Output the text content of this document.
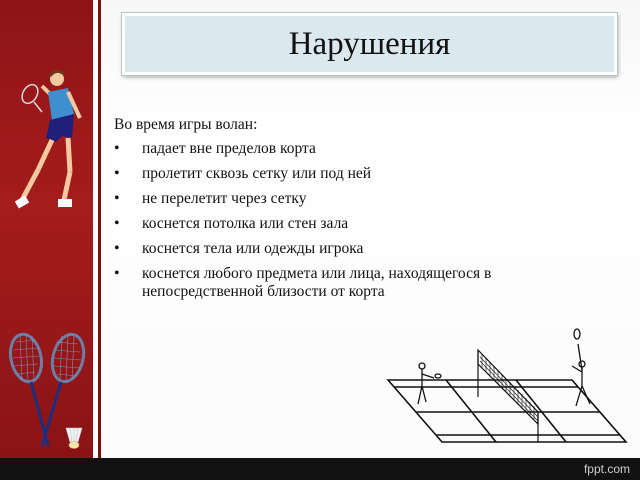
fppt.com
Нарушения
Во время игры волан:
• падает вне пределов корта
• пролетит сквозь сетку или под ней
• не перелетит через сетку
• коснется потолка или стен зала
• коснется тела или одежды игрока
• коснется любого предмета или лица, находящегося в непосредственной близости от корта
